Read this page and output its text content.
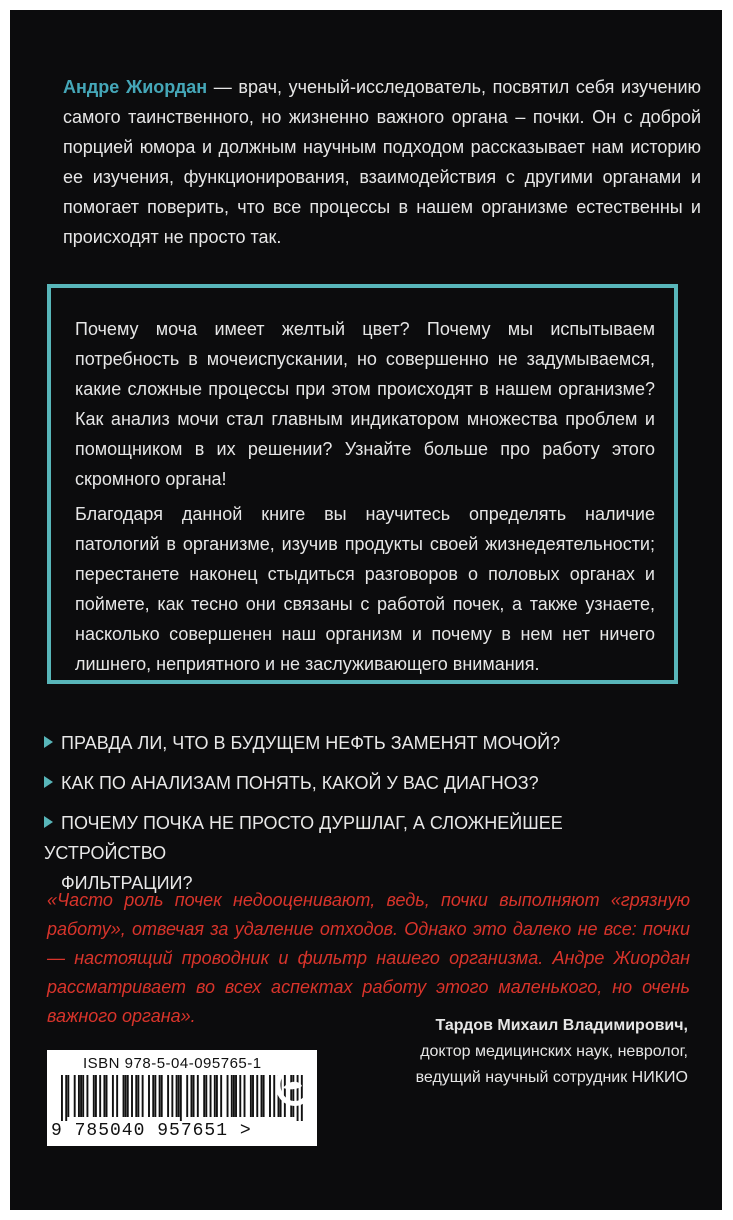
Андре Жиордан — врач, ученый-исследователь, посвятил себя изучению самого таинственного, но жизненно важного органа – почки. Он с доброй порцией юмора и должным научным подходом рассказывает нам историю ее изучения, функционирования, взаимодействия с другими органами и помогает поверить, что все процессы в нашем организме естественны и происходят не просто так.

Почему моча имеет желтый цвет? Почему мы испытываем потребность в мочеиспускании, но совершенно не задумываемся, какие сложные процессы при этом происходят в нашем организме? Как анализ мочи стал главным индикатором множества проблем и помощником в их решении? Узнайте больше про работу этого скромного органа!

Благодаря данной книге вы научитесь определять наличие патологий в организме, изучив продукты своей жизнедеятельности; перестанете наконец стыдиться разговоров о половых органах и поймете, как тесно они связаны с работой почек, а также узнаете, насколько совершенен наш организм и почему в нем нет ничего лишнего, неприятного и не заслуживающего внимания.

ПРАВДА ЛИ, ЧТО В БУДУЩЕМ НЕФТЬ ЗАМЕНЯТ МОЧОЙ?
КАК ПО АНАЛИЗАМ ПОНЯТЬ, КАКОЙ У ВАС ДИАГНОЗ?
ПОЧЕМУ ПОЧКА НЕ ПРОСТО ДУРШЛАГ, А СЛОЖНЕЙШЕЕ УСТРОЙСТВО
ФИЛЬТРАЦИИ?
«Часто роль почек недооценивают, ведь, почки выполняют «грязную работу», отвечая за удаление отходов. Однако это далеко не все: почки — настоящий проводник и фильтр нашего организма. Андре Жиордан рассматривает во всех аспектах работу этого маленького, но очень важного органа».	Тардов Михаил Владимирович,
доктор медицинских наук, невролог,
ведущий научный сотрудник НИКИО
ISBN 978-5-04-095765-1
9 785040 957651 >
